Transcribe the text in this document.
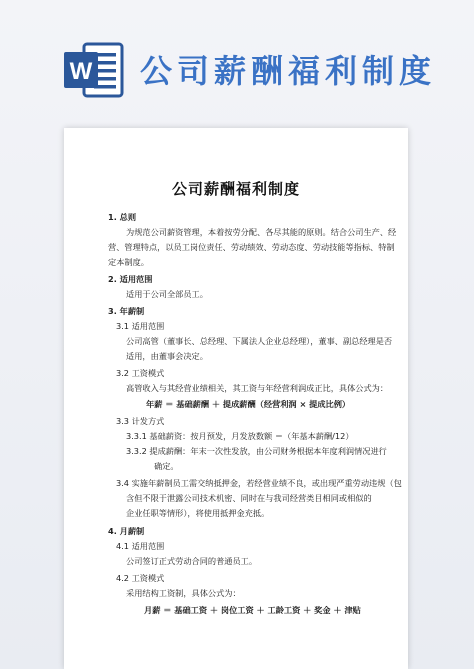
W 公司薪酬福利制度
公司薪酬福利制度
1. 总则
为规范公司薪资管理，本着按劳分配、各尽其能的原则。结合公司生产、经
营、管理特点，以员工岗位责任、劳动绩效、劳动态度、劳动技能等指标、特制
定本制度。
2. 适用范围
适用于公司全部员工。
3. 年薪制
3.1 适用范围
公司高管（董事长、总经理、下属法人企业总经理），董事、副总经理是否
适用，由董事会决定。
3.2 工资模式
高管收入与其经营业绩相关，其工资与年经营利润成正比，具体公式为：
年薪 ＝ 基础薪酬 ＋ 提成薪酬（经营利润 × 提成比例）
3.3 计发方式
3.3.1 基础薪资：按月预发，月发放数额 ＝（年基本薪酬/12）
3.3.2 提成薪酬：年末一次性发放，由公司财务根据本年度利润情况进行
确定。
3.4 实施年薪制员工需交纳抵押金，若经营业绩不良，或出现严重劳动违规（包
含但不限于泄露公司技术机密、同时在与我司经营类目相同或相似的
企业任职等情形），将使用抵押金充抵。
4. 月薪制
4.1 适用范围
公司签订正式劳动合同的普通员工。
4.2 工资模式
采用结构工资制，具体公式为：
月薪 ＝ 基础工资 ＋ 岗位工资 ＋ 工龄工资 ＋ 奖金 ＋ 津贴
